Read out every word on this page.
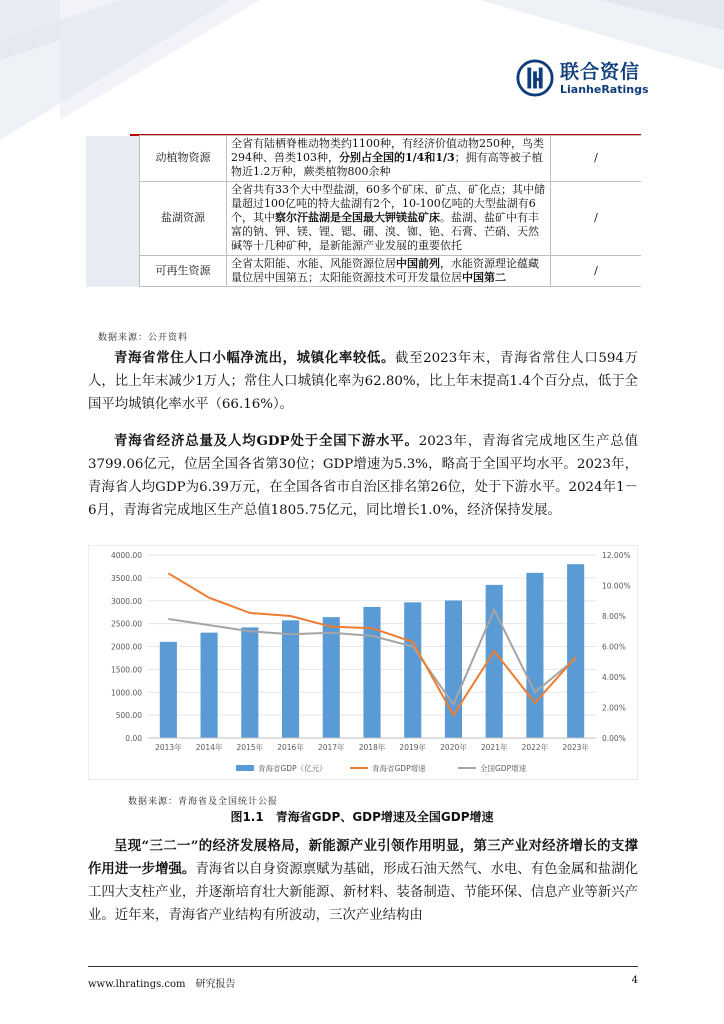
联合资信
LianheRatings
	动植物资源	全省有陆栖脊椎动物类约1100种，有经济价值动物250种，鸟类294种、兽类103种，分别占全国的1/4和1/3；拥有高等被子植物近1.2万种，蕨类植物800余种	/
	盐湖资源	全省共有33个大中型盐湖，60多个矿床、矿点、矿化点；其中储量超过100亿吨的特大盐湖有2个，10-100亿吨的大型盐湖有6个，其中察尔汗盐湖是全国最大钾镁盐矿床。盐湖、盐矿中有丰富的钠、钾、镁、锂、锶、硼、溴、铷、铯、石膏、芒硝、天然碱等十几种矿种，是新能源产业发展的重要依托	/
	可再生资源	全省太阳能、水能、风能资源位居中国前列，水能资源理论蕴藏量位居中国第五；太阳能资源技术可开发量位居中国第二	/
数据来源：公开资料

青海省常住人口小幅净流出，城镇化率较低。截至2023年末，青海省常住人口594万人，比上年末减少1万人；常住人口城镇化率为62.80%，比上年末提高1.4个百分点，低于全国平均城镇化率水平（66.16%）。

青海省经济总量及人均GDP处于全国下游水平。2023年，青海省完成地区生产总值3799.06亿元，位居全国各省第30位；GDP增速为5.3%，略高于全国平均水平。2023年，青海省人均GDP为6.39万元，在全国各省市自治区排名第26位，处于下游水平。2024年1－6月，青海省完成地区生产总值1805.75亿元，同比增长1.0%，经济保持发展。

0.00
500.00
1000.00
1500.00
2000.00
2500.00
3000.00
3500.00
4000.00
0.00%
2.00%
4.00%
6.00%
8.00%
10.00%
12.00%
2013年 2014年 2015年 2016年 2017年 2018年 2019年 2020年 2021年 2022年 2023年
青海省GDP（亿元）	青海省GDP增速	全国GDP增速
数据来源：青海省及全国统计公报
图1.1　青海省GDP、GDP增速及全国GDP增速

呈现“三二一”的经济发展格局，新能源产业引领作用明显，第三产业对经济增长的支撑作用进一步增强。青海省以自身资源禀赋为基础，形成石油天然气、水电、有色金属和盐湖化工四大支柱产业，并逐渐培育壮大新能源、新材料、装备制造、节能环保、信息产业等新兴产业。近年来，青海省产业结构有所波动，三次产业结构由

www.lhratings.com　研究报告	4
